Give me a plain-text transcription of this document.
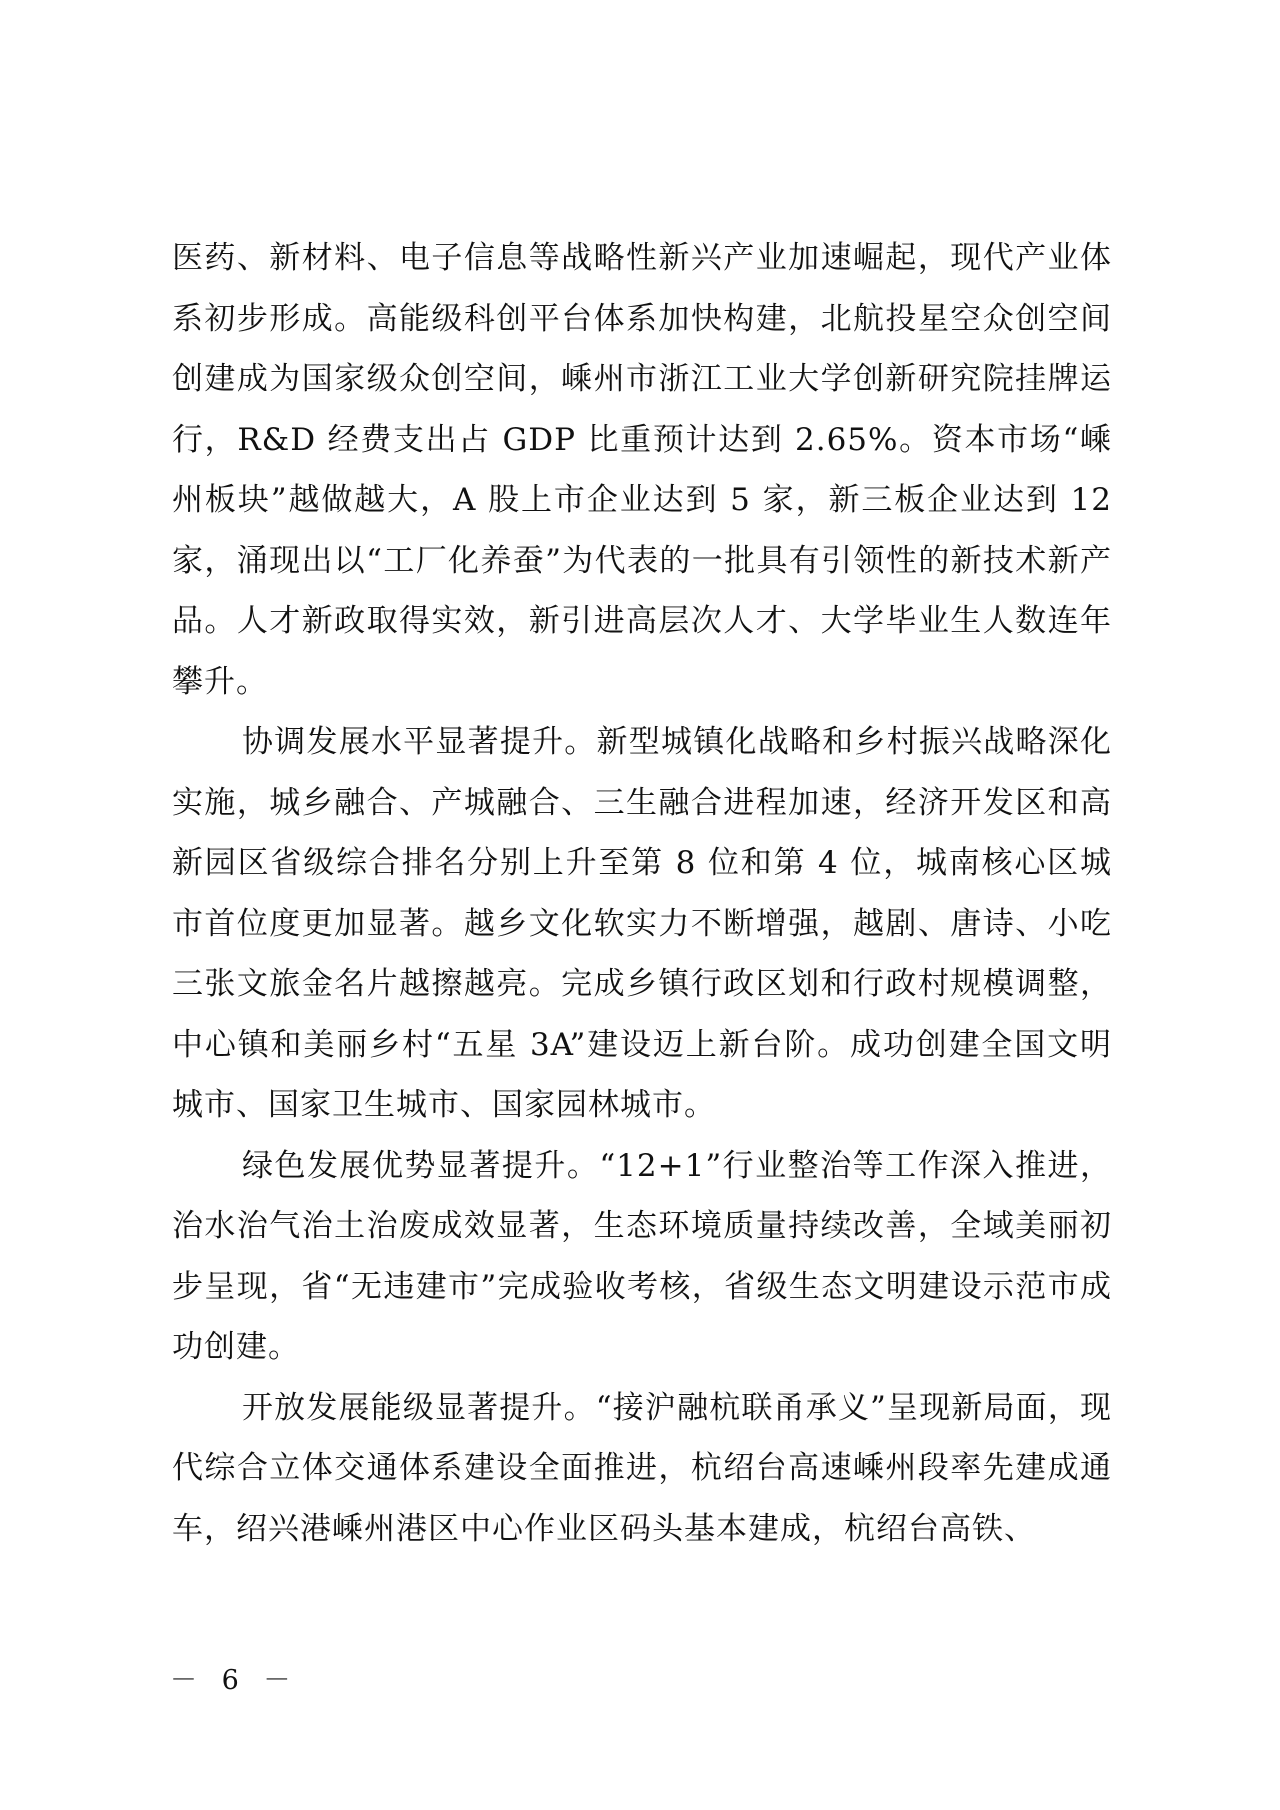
医药、新材料、电子信息等战略性新兴产业加速崛起，现代产业体系初步形成。高能级科创平台体系加快构建，北航投星空众创空间创建成为国家级众创空间，嵊州市浙江工业大学创新研究院挂牌运行，R&D 经费支出占 GDP 比重预计达到 2.65%。资本市场“嵊州板块”越做越大，A 股上市企业达到 5 家，新三板企业达到 12 家，涌现出以“工厂化养蚕”为代表的一批具有引领性的新技术新产品。人才新政取得实效，新引进高层次人才、大学毕业生人数连年攀升。

协调发展水平显著提升。新型城镇化战略和乡村振兴战略深化实施，城乡融合、产城融合、三生融合进程加速，经济开发区和高新园区省级综合排名分别上升至第 8 位和第 4 位，城南核心区城市首位度更加显著。越乡文化软实力不断增强，越剧、唐诗、小吃三张文旅金名片越擦越亮。完成乡镇行政区划和行政村规模调整，中心镇和美丽乡村“五星 3A”建设迈上新台阶。成功创建全国文明城市、国家卫生城市、国家园林城市。

绿色发展优势显著提升。“12+1”行业整治等工作深入推进，治水治气治土治废成效显著，生态环境质量持续改善，全域美丽初步呈现，省“无违建市”完成验收考核，省级生态文明建设示范市成功创建。

开放发展能级显著提升。“接沪融杭联甬承义”呈现新局面，现代综合立体交通体系建设全面推进，杭绍台高速嵊州段率先建成通车，绍兴港嵊州港区中心作业区码头基本建成，杭绍台高铁、

－ 6 －
